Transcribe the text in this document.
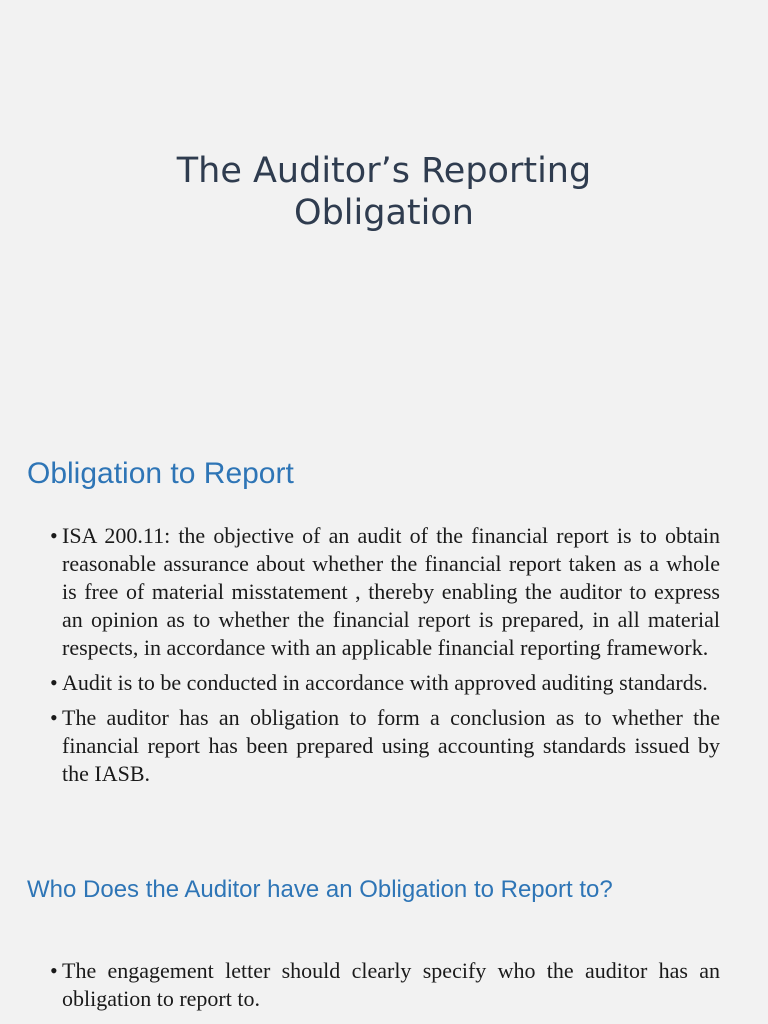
The Auditor’s Reporting
Obligation
Obligation to Report
• ISA 200.11: the objective of an audit of the financial report is to obtain reasonable assurance about whether the financial report taken as a whole is free of material misstatement , thereby enabling the auditor to express an opinion as to whether the financial report is prepared, in all material respects, in accordance with an applicable financial reporting framework.
• Audit is to be conducted in accordance with approved auditing standards.
• The auditor has an obligation to form a conclusion as to whether the financial report has been prepared using accounting standards issued by the IASB.
Who Does the Auditor have an Obligation to Report to?
• The engagement letter should clearly specify who the auditor has an obligation to report to.
